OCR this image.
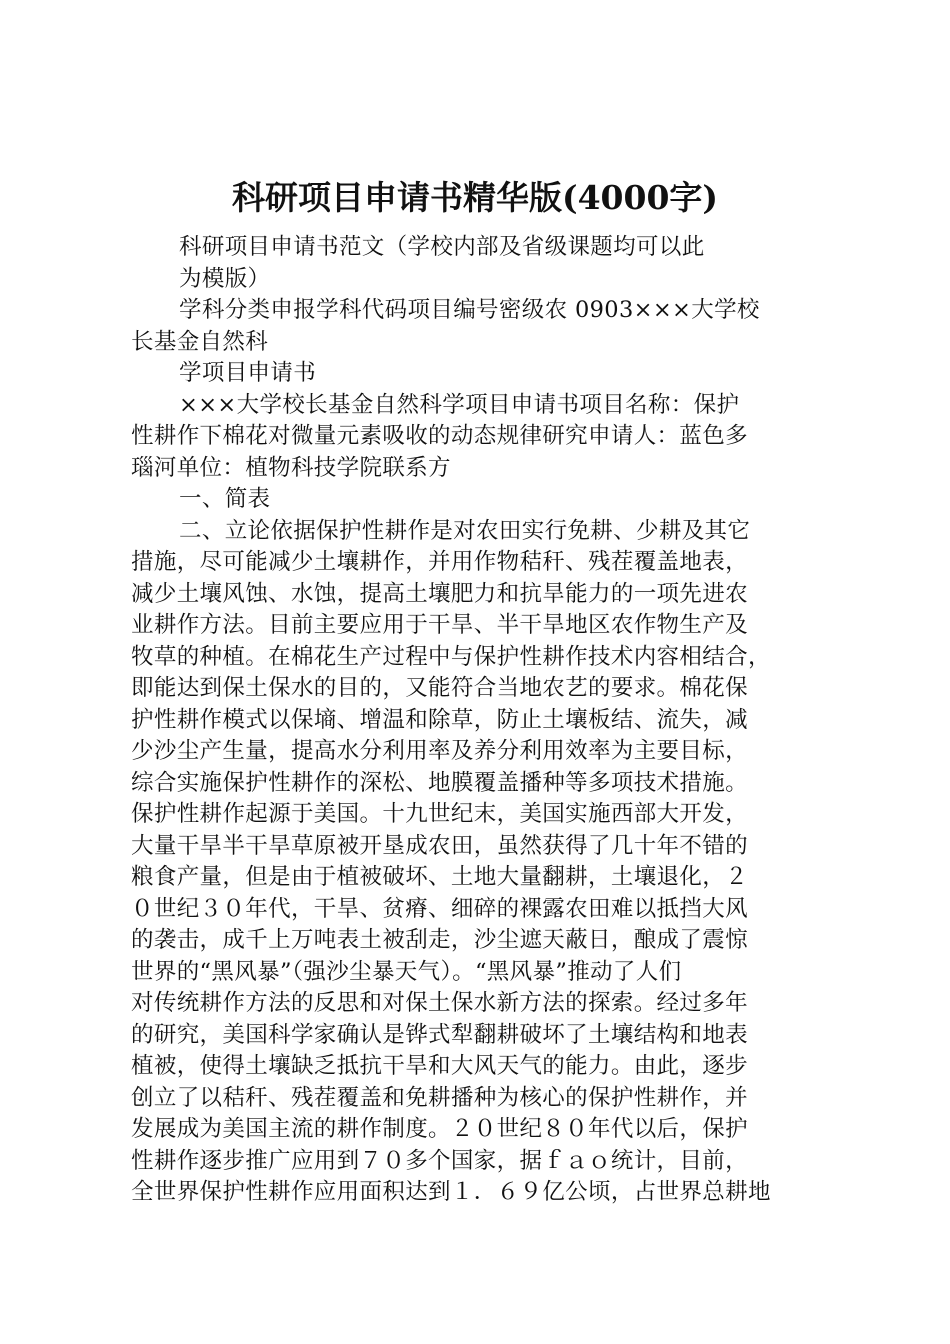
科研项目申请书精华版(4000字)
科研项目申请书范文（学校内部及省级课题均可以此
为模版）
学科分类申报学科代码项目编号密级农 0903×××大学校
长基金自然科
学项目申请书
×××大学校长基金自然科学项目申请书项目名称：保护
性耕作下棉花对微量元素吸收的动态规律研究申请人：蓝色多
瑙河单位：植物科技学院联系方
一、简表
二、立论依据保护性耕作是对农田实行免耕、少耕及其它
措施，尽可能减少土壤耕作，并用作物秸秆、残茬覆盖地表，
减少土壤风蚀、水蚀，提高土壤肥力和抗旱能力的一项先进农
业耕作方法。目前主要应用于干旱、半干旱地区农作物生产及
牧草的种植。在棉花生产过程中与保护性耕作技术内容相结合，
即能达到保土保水的目的，又能符合当地农艺的要求。棉花保
护性耕作模式以保墒、增温和除草，防止土壤板结、流失，减
少沙尘产生量，提高水分利用率及养分利用效率为主要目标，
综合实施保护性耕作的深松、地膜覆盖播种等多项技术措施。
保护性耕作起源于美国。十九世纪末，美国实施西部大开发，
大量干旱半干旱草原被开垦成农田，虽然获得了几十年不错的
粮食产量，但是由于植被破坏、土地大量翻耕，土壤退化，２
０世纪３０年代，干旱、贫瘠、细碎的裸露农田难以抵挡大风
的袭击，成千上万吨表土被刮走，沙尘遮天蔽日，酿成了震惊
世界的“黑风暴”（强沙尘暴天气）。“黑风暴”推动了人们
对传统耕作方法的反思和对保土保水新方法的探索。经过多年
的研究，美国科学家确认是铧式犁翻耕破坏了土壤结构和地表
植被，使得土壤缺乏抵抗干旱和大风天气的能力。由此，逐步
创立了以秸秆、残茬覆盖和免耕播种为核心的保护性耕作，并
发展成为美国主流的耕作制度。２０世纪８０年代以后，保护
性耕作逐步推广应用到７０多个国家，据ｆａｏ统计，目前，
全世界保护性耕作应用面积达到１．６９亿公顷，占世界总耕地
